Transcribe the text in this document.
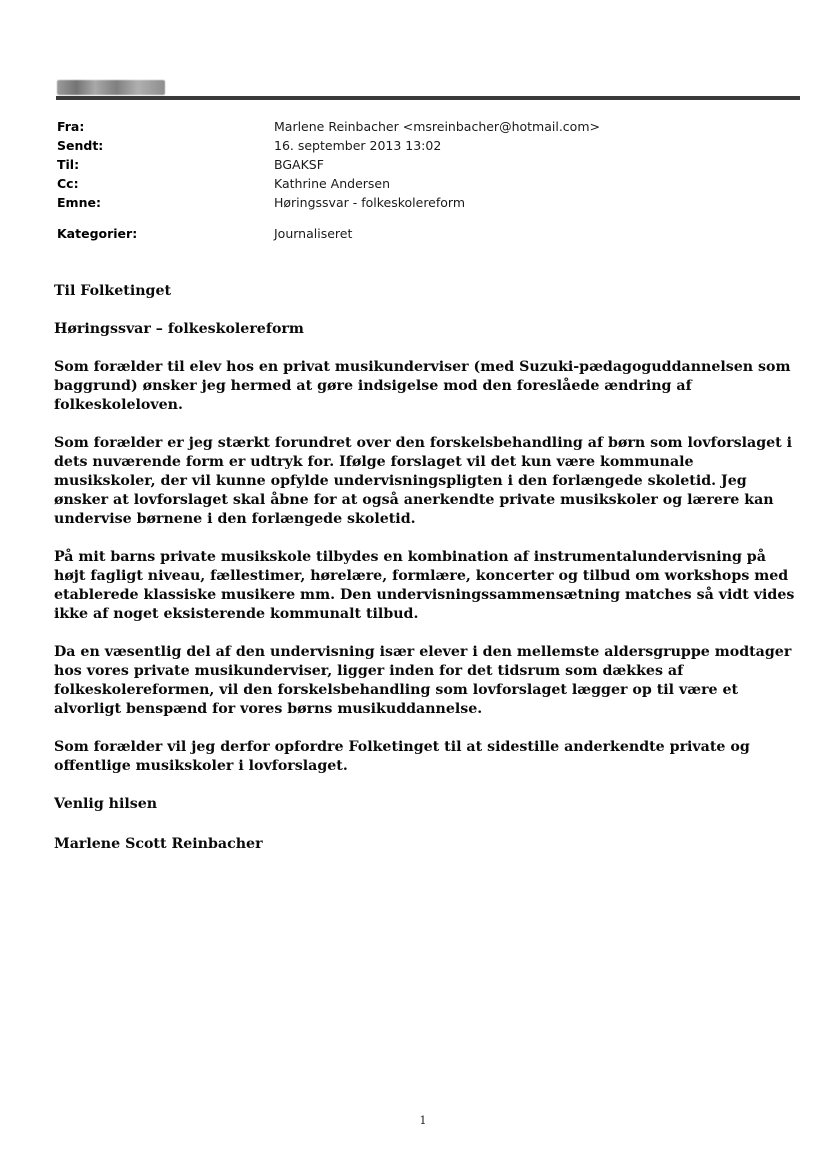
Fra:	Marlene Reinbacher <msreinbacher@hotmail.com>
Sendt:	16. september 2013 13:02
Til:	BGAKSF
Cc:	Kathrine Andersen
Emne:	Høringssvar - folkeskolereform
Kategorier:	Journaliseret

Til Folketinget

Høringssvar – folkeskolereform

Som forælder til elev hos en privat musikunderviser (med Suzuki-pædagoguddannelsen som baggrund) ønsker jeg hermed at gøre indsigelse mod den foreslåede ændring af folkeskoleloven.

Som forælder er jeg stærkt forundret over den forskelsbehandling af børn som lovforslaget i dets nuværende form er udtryk for. Ifølge forslaget vil det kun være kommunale musikskoler, der vil kunne opfylde undervisningspligten i den forlængede skoletid. Jeg ønsker at lovforslaget skal åbne for at også anerkendte private musikskoler og lærere kan undervise børnene i den forlængede skoletid.

På mit barns private musikskole tilbydes en kombination af instrumentalundervisning på højt fagligt niveau, fællestimer, hørelære, formlære, koncerter og tilbud om workshops med etablerede klassiske musikere mm. Den undervisningssammensætning matches så vidt vides ikke af noget eksisterende kommunalt tilbud.

Da en væsentlig del af den undervisning især elever i den mellemste aldersgruppe modtager hos vores private musikunderviser, ligger inden for det tidsrum som dækkes af folkeskolereformen, vil den forskelsbehandling som lovforslaget lægger op til være et alvorligt benspænd for vores børns musikuddannelse.

Som forælder vil jeg derfor opfordre Folketinget til at sidestille anderkendte private og offentlige musikskoler i lovforslaget.

Venlig hilsen

Marlene Scott Reinbacher

1
